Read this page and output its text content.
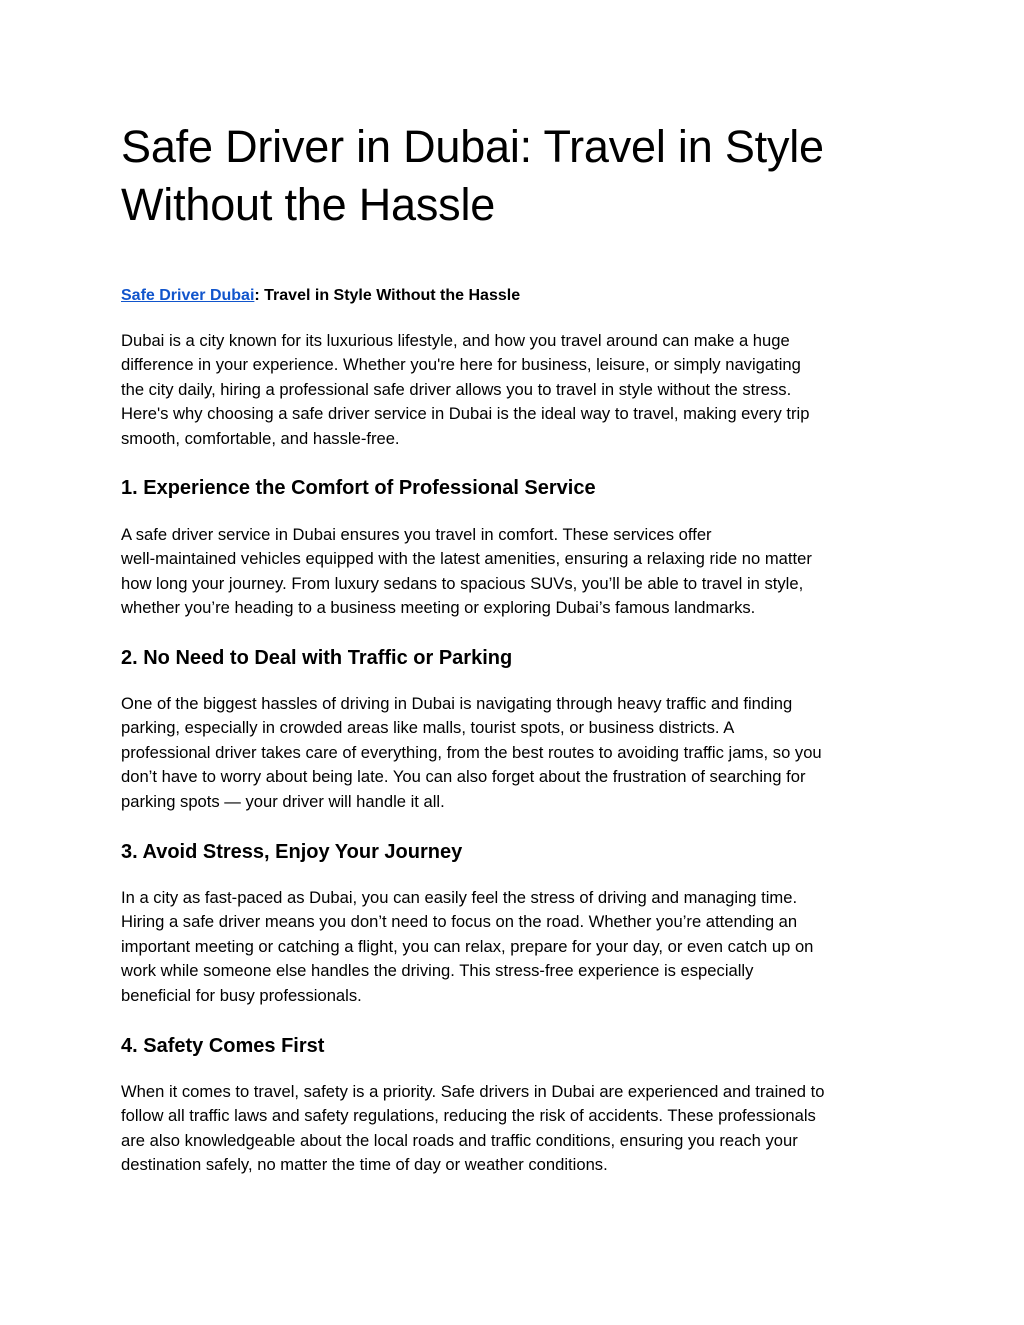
Safe Driver in Dubai: Travel in Style
Without the Hassle

Safe Driver Dubai: Travel in Style Without the Hassle

Dubai is a city known for its luxurious lifestyle, and how you travel around can make a huge
difference in your experience. Whether you're here for business, leisure, or simply navigating
the city daily, hiring a professional safe driver allows you to travel in style without the stress.
Here's why choosing a safe driver service in Dubai is the ideal way to travel, making every trip
smooth, comfortable, and hassle-free.

1. Experience the Comfort of Professional Service

A safe driver service in Dubai ensures you travel in comfort. These services offer
well-maintained vehicles equipped with the latest amenities, ensuring a relaxing ride no matter
how long your journey. From luxury sedans to spacious SUVs, you’ll be able to travel in style,
whether you’re heading to a business meeting or exploring Dubai’s famous landmarks.

2. No Need to Deal with Traffic or Parking

One of the biggest hassles of driving in Dubai is navigating through heavy traffic and finding
parking, especially in crowded areas like malls, tourist spots, or business districts. A
professional driver takes care of everything, from the best routes to avoiding traffic jams, so you
don’t have to worry about being late. You can also forget about the frustration of searching for
parking spots — your driver will handle it all.

3. Avoid Stress, Enjoy Your Journey

In a city as fast-paced as Dubai, you can easily feel the stress of driving and managing time.
Hiring a safe driver means you don’t need to focus on the road. Whether you’re attending an
important meeting or catching a flight, you can relax, prepare for your day, or even catch up on
work while someone else handles the driving. This stress-free experience is especially
beneficial for busy professionals.

4. Safety Comes First

When it comes to travel, safety is a priority. Safe drivers in Dubai are experienced and trained to
follow all traffic laws and safety regulations, reducing the risk of accidents. These professionals
are also knowledgeable about the local roads and traffic conditions, ensuring you reach your
destination safely, no matter the time of day or weather conditions.
